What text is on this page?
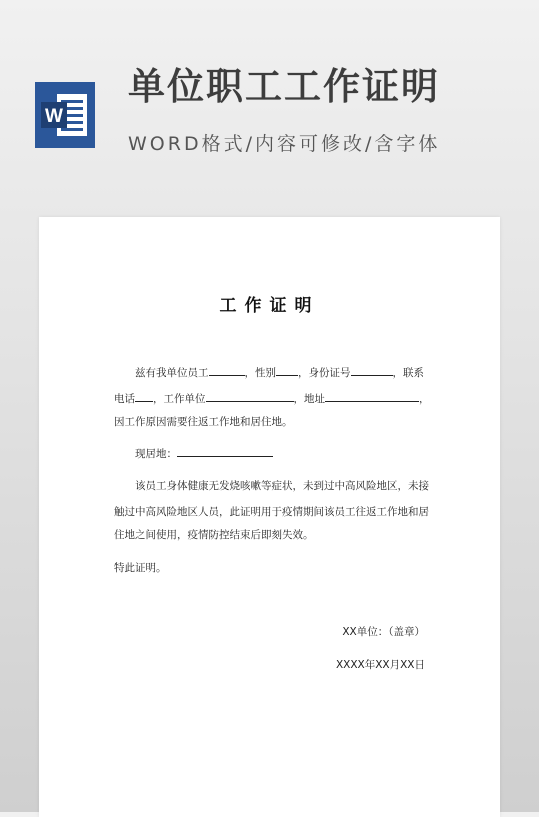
W
单位职工工作证明
WORD格式/内容可修改/含字体
工作证明
兹有我单位员工	，性别 ，身份证号	，联系
电话 ，工作单位	，地址	，
因工作原因需要往返工作地和居住地。
现居地：
该员工身体健康无发烧咳嗽等症状，未到过中高风险地区，未接
触过中高风险地区人员，此证明用于疫情期间该员工往返工作地和居
住地之间使用，疫情防控结束后即刻失效。
特此证明。
XX单位：（盖章）
XXXX年XX月XX日
